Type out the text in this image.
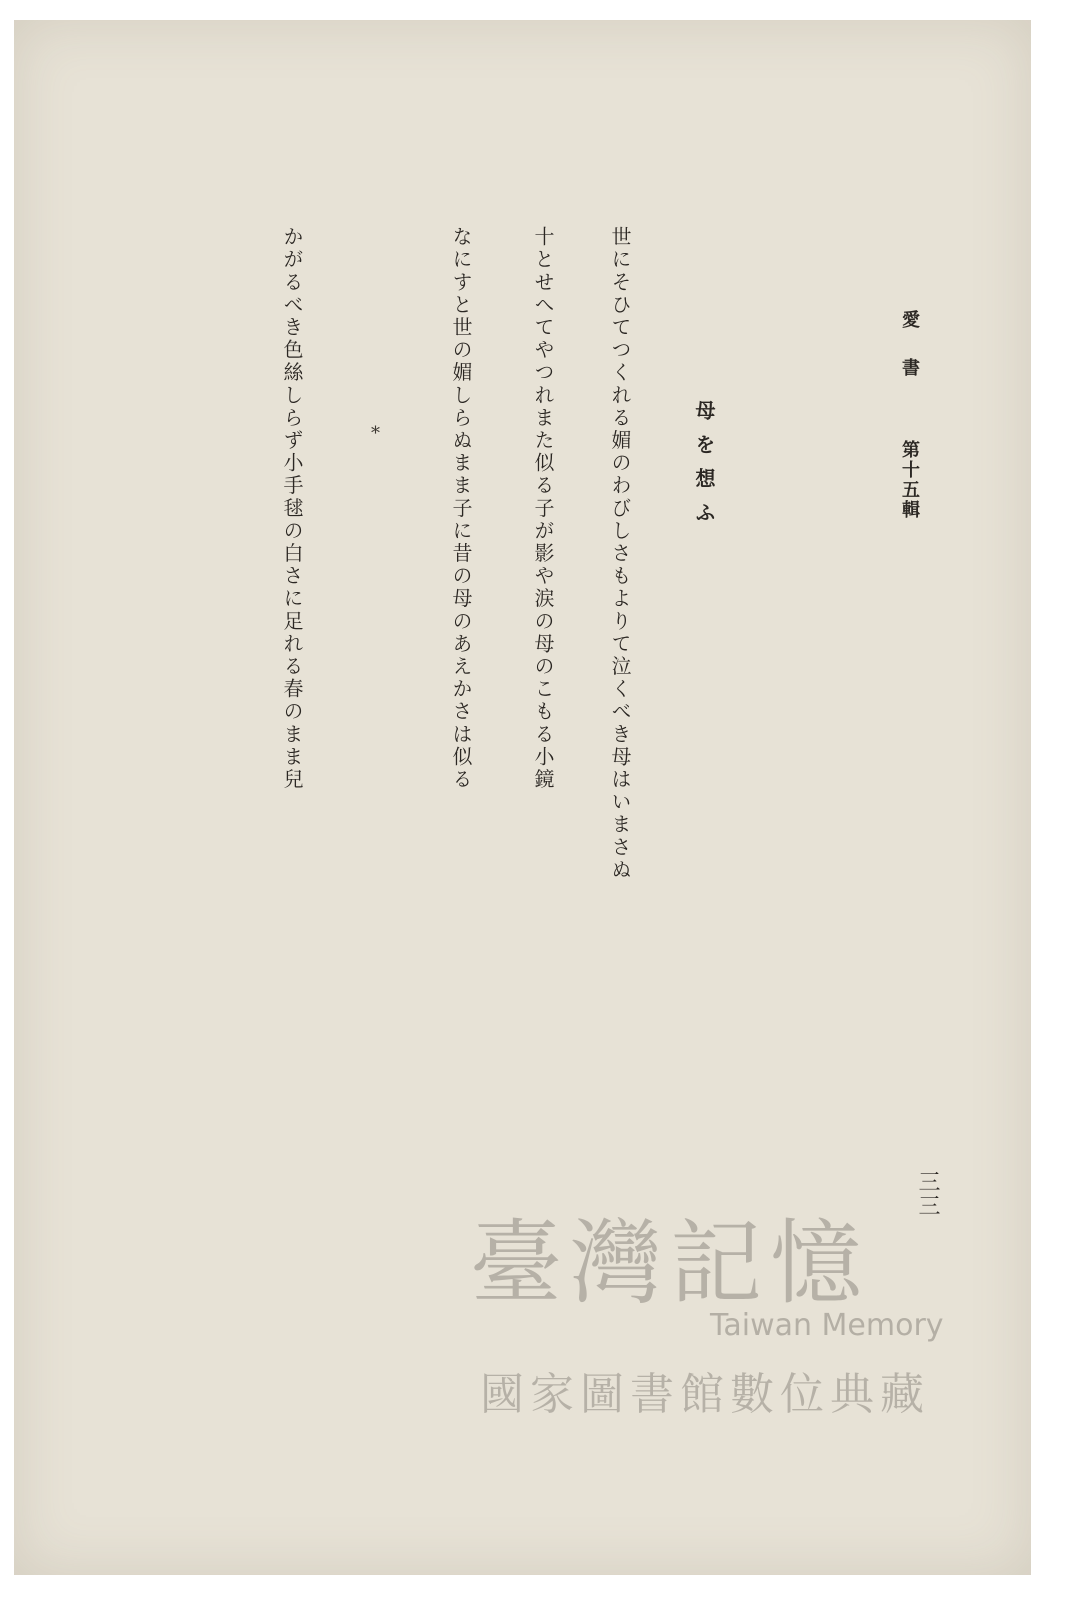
愛書
第十五輯
母を想ふ
世にそひてつくれる媚のわびしさもよりて泣くべき母はいまさぬ
十とせへてやつれまた似る子が影や涙の母のこもる小鏡
なにすと世の媚しらぬまま子に昔の母のあえかさは似る
*
かがるべき色絲しらず小手毬の白さに足れる春のまま兒
三三
臺灣記憶
Taiwan Memory
國家圖書館數位典藏
